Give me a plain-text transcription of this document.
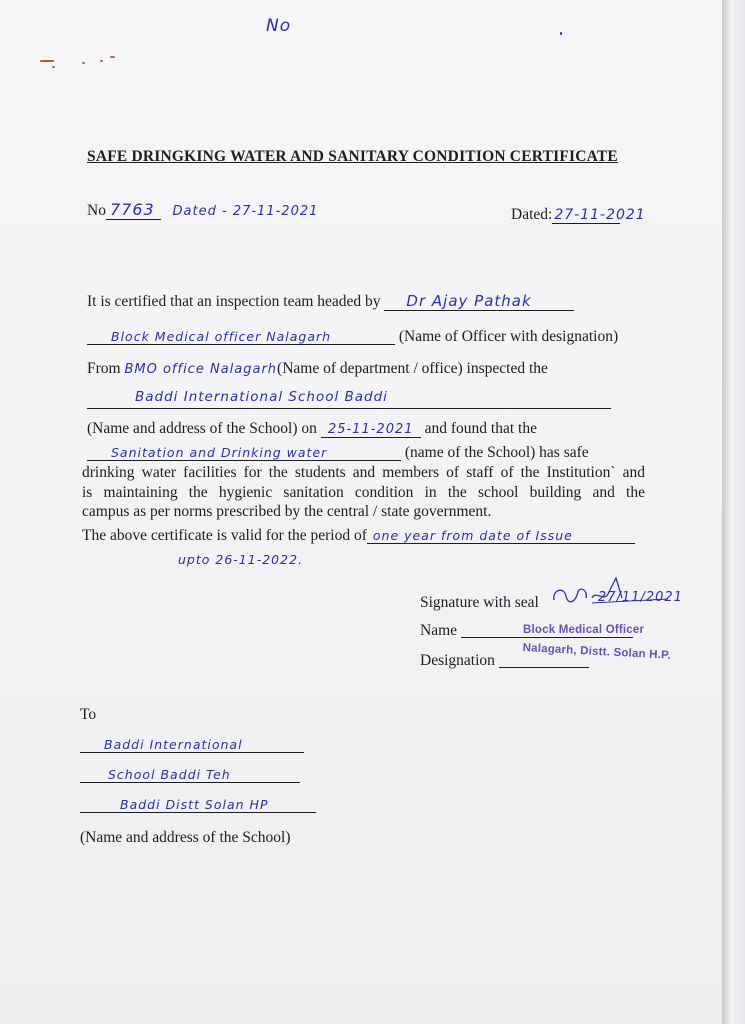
No
SAFE DRINGKING WATER AND SANITARY CONDITION CERTIFICATE
No 7763 Dated - 27-11-2021	Dated: 27-11-2021
It is certified that an inspection team headed by Dr Ajay Pathak
Block Medical officer Nalagarh	(Name of Officer with designation)
From BMO office Nalagarh(Name of department / office) inspected the
Baddi International School Baddi
(Name and address of the School) on 25-11-2021 and found that the
Sanitation and Drinking water	(name of the School) has safe
drinking water facilities for the students and members of staff of the Institution` and
is maintaining the hygienic sanitation condition in the school building and the
campus as per norms prescribed by the central / state government.
The above certificate is valid for the period of one year from date of Issue
upto 26-11-2022.
Signature with seal	27/11/2021
Name
Designation
Block Medical Officer
Nalagarh, Distt. Solan H.P.
To
Baddi International
School Baddi Teh
Baddi Distt Solan HP
(Name and address of the School)
